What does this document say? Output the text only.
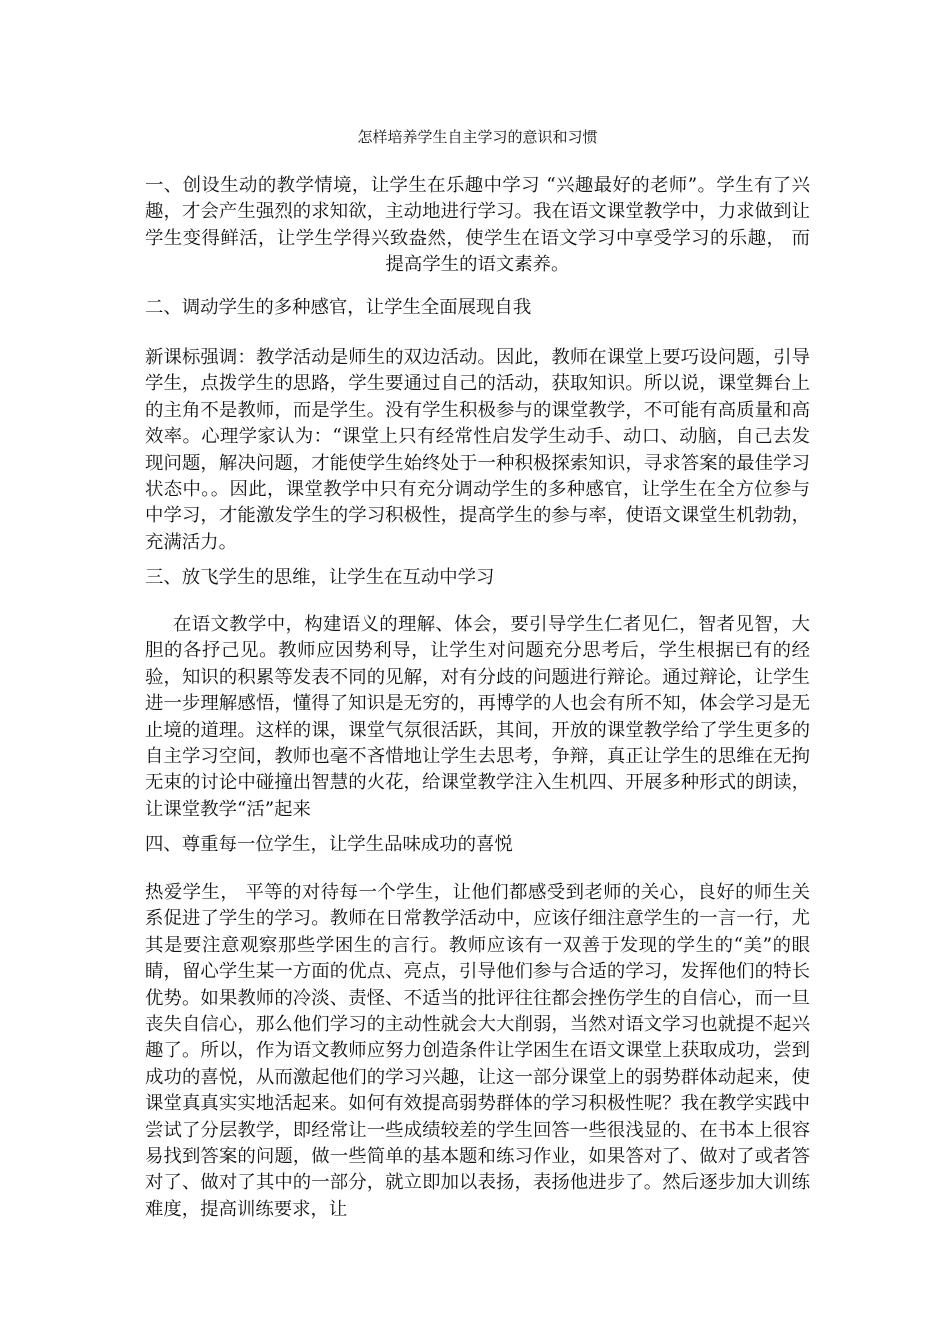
怎样培养学生自主学习的意识和习惯

一、创设生动的教学情境，让学生在乐趣中学习 “兴趣最好的老师”。学生有了兴趣，才会产生强烈的求知欲，主动地进行学习。我在语文课堂教学中，力求做到让学生变得鲜活，让学生学得兴致盎然，使学生在语文学习中享受学习的乐趣， 而提高学生的语文素养。

二、调动学生的多种感官，让学生全面展现自我

新课标强调：教学活动是师生的双边活动。因此，教师在课堂上要巧设问题，引导学生，点拨学生的思路，学生要通过自己的活动，获取知识。所以说，课堂舞台上的主角不是教师，而是学生。没有学生积极参与的课堂教学，不可能有高质量和高效率。心理学家认为：“课堂上只有经常性启发学生动手、动口、动脑，自己去发现问题，解决问题，才能使学生始终处于一种积极探索知识，寻求答案的最佳学习状态中。。因此，课堂教学中只有充分调动学生的多种感官，让学生在全方位参与中学习，才能激发学生的学习积极性，提高学生的参与率，使语文课堂生机勃勃，充满活力。

三、放飞学生的思维，让学生在互动中学习

在语文教学中，构建语义的理解、体会，要引导学生仁者见仁，智者见智，大胆的各抒己见。教师应因势利导，让学生对问题充分思考后，学生根据已有的经验，知识的积累等发表不同的见解，对有分歧的问题进行辩论。通过辩论，让学生进一步理解感悟，懂得了知识是无穷的，再博学的人也会有所不知，体会学习是无止境的道理。这样的课，课堂气氛很活跃，其间，开放的课堂教学给了学生更多的自主学习空间，教师也毫不吝惜地让学生去思考，争辩，真正让学生的思维在无拘无束的讨论中碰撞出智慧的火花，给课堂教学注入生机四、开展多种形式的朗读，让课堂教学“活”起来

四、尊重每一位学生，让学生品味成功的喜悦

热爱学生， 平等的对待每一个学生，让他们都感受到老师的关心，良好的师生关系促进了学生的学习。教师在日常教学活动中，应该仔细注意学生的一言一行，尤其是要注意观察那些学困生的言行。教师应该有一双善于发现的学生的“美”的眼睛，留心学生某一方面的优点、亮点，引导他们参与合适的学习，发挥他们的特长优势。如果教师的冷淡、责怪、不适当的批评往往都会挫伤学生的自信心，而一旦丧失自信心，那么他们学习的主动性就会大大削弱，当然对语文学习也就提不起兴趣了。所以，作为语文教师应努力创造条件让学困生在语文课堂上获取成功，尝到成功的喜悦，从而激起他们的学习兴趣，让这一部分课堂上的弱势群体动起来，使课堂真真实实地活起来。如何有效提高弱势群体的学习积极性呢？我在教学实践中尝试了分层教学，即经常让一些成绩较差的学生回答一些很浅显的、在书本上很容易找到答案的问题，做一些简单的基本题和练习作业，如果答对了、做对了或者答对了、做对了其中的一部分，就立即加以表扬，表扬他进步了。然后逐步加大训练难度，提高训练要求，让
